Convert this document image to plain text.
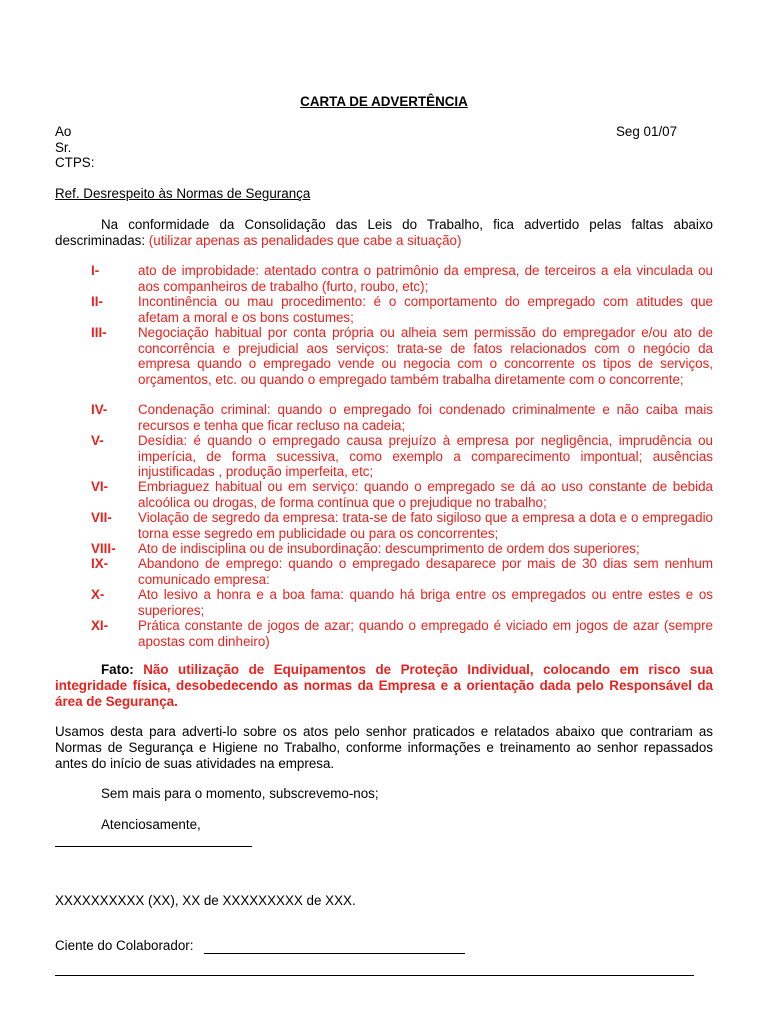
CARTA DE ADVERTÊNCIA
Ao	Seg 01/07
Sr.
CTPS:
Ref. Desrespeito às Normas de Segurança
Na conformidade da Consolidação das Leis do Trabalho, fica advertido pelas faltas abaixo descriminadas: (utilizar apenas as penalidades que cabe a situação)
I-	ato de improbidade: atentado contra o patrimônio da empresa, de terceiros a ela vinculada ou aos companheiros de trabalho (furto, roubo, etc);
II-	Incontinência ou mau procedimento: é o comportamento do empregado com atitudes que afetam a moral e os bons costumes;
III- Negociação habitual por conta própria ou alheia sem permissão do empregador e/ou ato de concorrência e prejudicial aos serviços: trata-se de fatos relacionados com o negócio da empresa quando o empregado vende ou negocia com o concorrente os tipos de serviços, orçamentos, etc. ou quando o empregado também trabalha diretamente com o concorrente;
IV- Condenação criminal: quando o empregado foi condenado criminalmente e não caiba mais recursos e tenha que ficar recluso na cadeia;
V-	Desídia: é quando o empregado causa prejuízo à empresa por negligência, imprudência ou imperícia, de forma sucessiva, como exemplo a comparecimento impontual; ausências injustificadas , produção imperfeita, etc;
VI- Embriaguez habitual ou em serviço: quando o empregado se dá ao uso constante de bebida alcoólica ou drogas, de forma contínua que o prejudique no trabalho;
VII- Violação de segredo da empresa: trata-se de fato sigiloso que a empresa a dota e o empregadio torna esse segredo em publicidade ou para os concorrentes;
VIII- Ato de indisciplina ou de insubordinação: descumprimento de ordem dos superiores;
IX- Abandono de emprego: quando o empregado desaparece por mais de 30 dias sem nenhum comunicado empresa:
X-	Ato lesivo a honra e a boa fama: quando há briga entre os empregados ou entre estes e os superiores;
XI- Prática constante de jogos de azar; quando o empregado é viciado em jogos de azar (sempre apostas com dinheiro)
Fato: Não utilização de Equipamentos de Proteção Individual, colocando em risco sua integridade física, desobedecendo as normas da Empresa e a orientação dada pelo Responsável da área de Segurança.
Usamos desta para adverti-lo sobre os atos pelo senhor praticados e relatados abaixo que contrariam as Normas de Segurança e Higiene no Trabalho, conforme informações e treinamento ao senhor repassados antes do início de suas atividades na empresa.
Sem mais para o momento, subscrevemo-nos;
Atenciosamente,
XXXXXXXXXX (XX), XX de XXXXXXXXX de XXX.
Ciente do Colaborador:
